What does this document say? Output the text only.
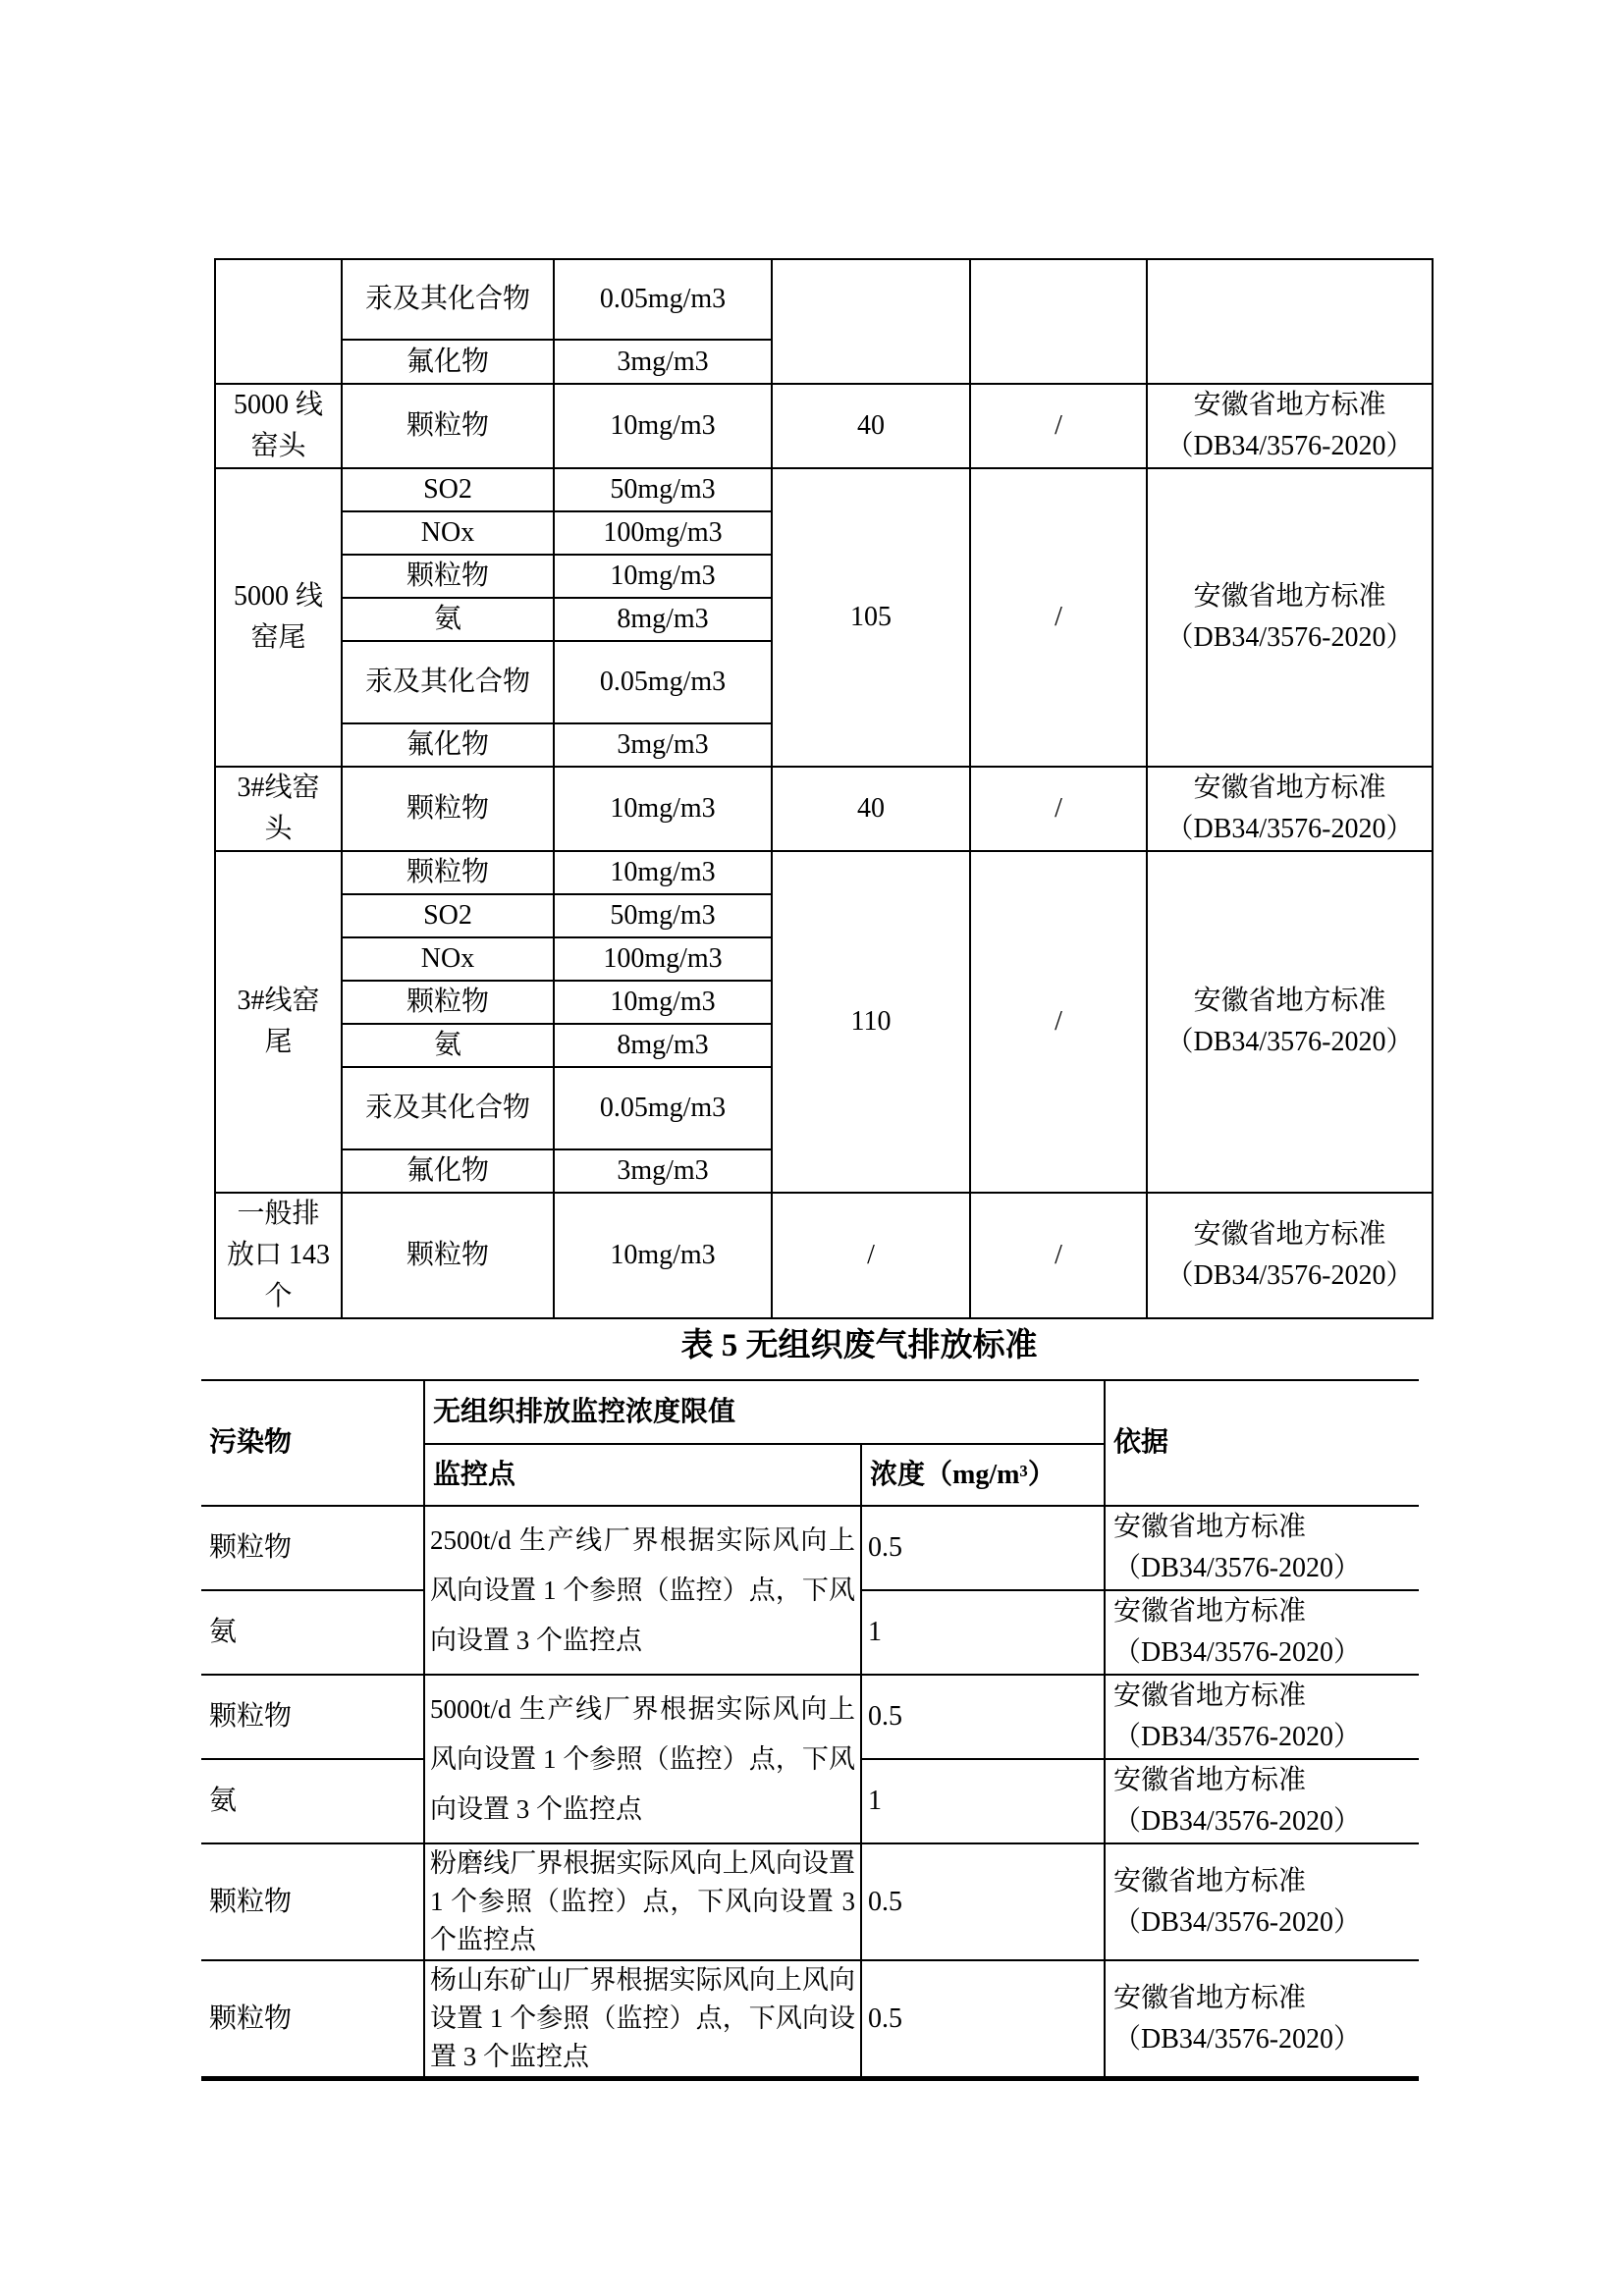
	汞及其化合物	0.05mg/m3			
	氟化物	3mg/m3			
5000 线窑头	颗粒物	10mg/m3	40	/	安徽省地方标准（DB34/3576-2020）
5000 线窑尾	SO2	50mg/m3	105	/	安徽省地方标准（DB34/3576-2020）
	NOx	100mg/m3			
	颗粒物	10mg/m3			
	氨	8mg/m3			
	汞及其化合物	0.05mg/m3			
	氟化物	3mg/m3			
3#线窑头	颗粒物	10mg/m3	40	/	安徽省地方标准（DB34/3576-2020）
3#线窑尾	颗粒物	10mg/m3	110	/	安徽省地方标准（DB34/3576-2020）
	SO2	50mg/m3			
	NOx	100mg/m3			
	颗粒物	10mg/m3			
	氨	8mg/m3			
	汞及其化合物	0.05mg/m3			
	氟化物	3mg/m3			
一般排放口 143 个	颗粒物	10mg/m3	/	/	安徽省地方标准（DB34/3576-2020）
表 5 无组织废气排放标准
污染物	无组织排放监控浓度限值		依据
	监控点	浓度（mg/m³）	
颗粒物	2500t/d 生产线厂界根据实际风向上风向设置 1 个参照（监控）点，下风向设置 3 个监控点	0.5	安徽省地方标准（DB34/3576-2020）
氨		1	安徽省地方标准（DB34/3576-2020）
颗粒物	5000t/d 生产线厂界根据实际风向上风向设置 1 个参照（监控）点，下风向设置 3 个监控点	0.5	安徽省地方标准（DB34/3576-2020）
氨		1	安徽省地方标准（DB34/3576-2020）
颗粒物	粉磨线厂界根据实际风向上风向设置 1 个参照（监控）点，下风向设置 3 个监控点	0.5	安徽省地方标准（DB34/3576-2020）
颗粒物	杨山东矿山厂界根据实际风向上风向设置 1 个参照（监控）点，下风向设置 3 个监控点	0.5	安徽省地方标准（DB34/3576-2020）
